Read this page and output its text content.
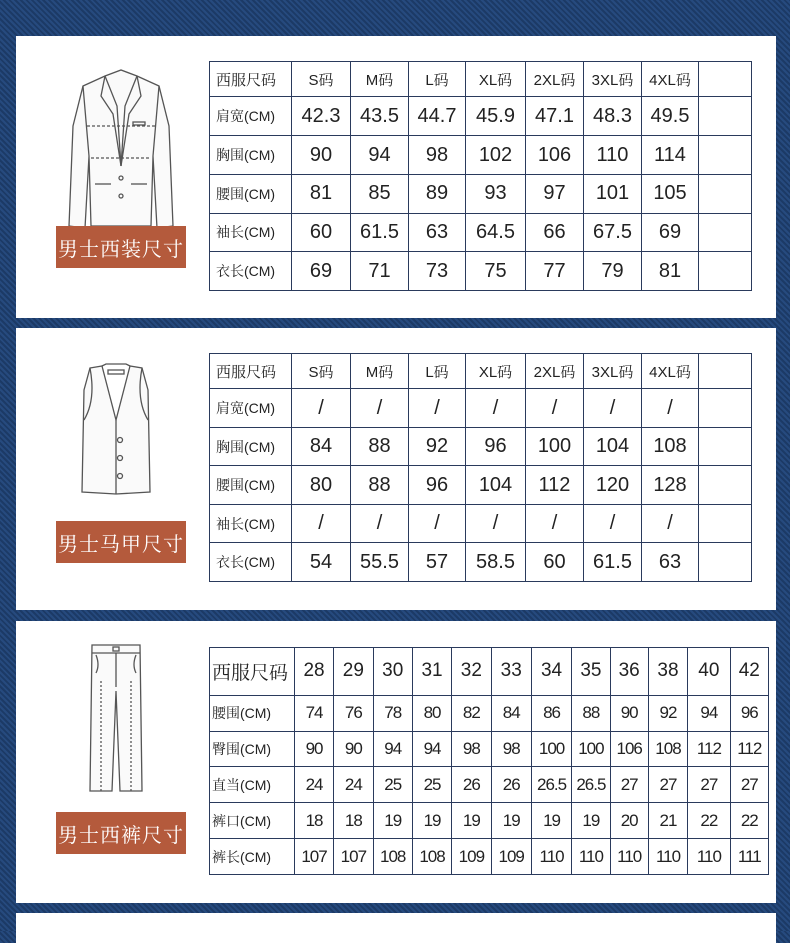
男士西装尺寸
西服尺码	S码	M码	L码	XL码	2XL码	3XL码	4XL码	
肩宽(CM)	42.3	43.5	44.7	45.9	47.1	48.3	49.5	
胸围(CM)	90	94	98	102	106	110	114	
腰围(CM)	81	85	89	93	97	101	105	
袖长(CM)	60	61.5	63	64.5	66	67.5	69	
衣长(CM)	69	71	73	75	77	79	81	
男士马甲尺寸
西服尺码	S码	M码	L码	XL码	2XL码	3XL码	4XL码	
肩宽(CM)	/	/	/	/	/	/	/	
胸围(CM)	84	88	92	96	100	104	108	
腰围(CM)	80	88	96	104	112	120	128	
袖长(CM)	/	/	/	/	/	/	/	
衣长(CM)	54	55.5	57	58.5	60	61.5	63	
男士西裤尺寸
西服尺码	28	29	30	31	32	33	34	35	36	38	40	42
腰围(CM)	74	76	78	80	82	84	86	88	90	92	94	96
臀围(CM)	90	90	94	94	98	98	100	100	106	108	112	112
直当(CM)	24	24	25	25	26	26	26.5	26.5	27	27	27	27
裤口(CM)	18	18	19	19	19	19	19	19	20	21	22	22
裤长(CM)	107	107	108	108	109	109	110	110	110	110	110	111
